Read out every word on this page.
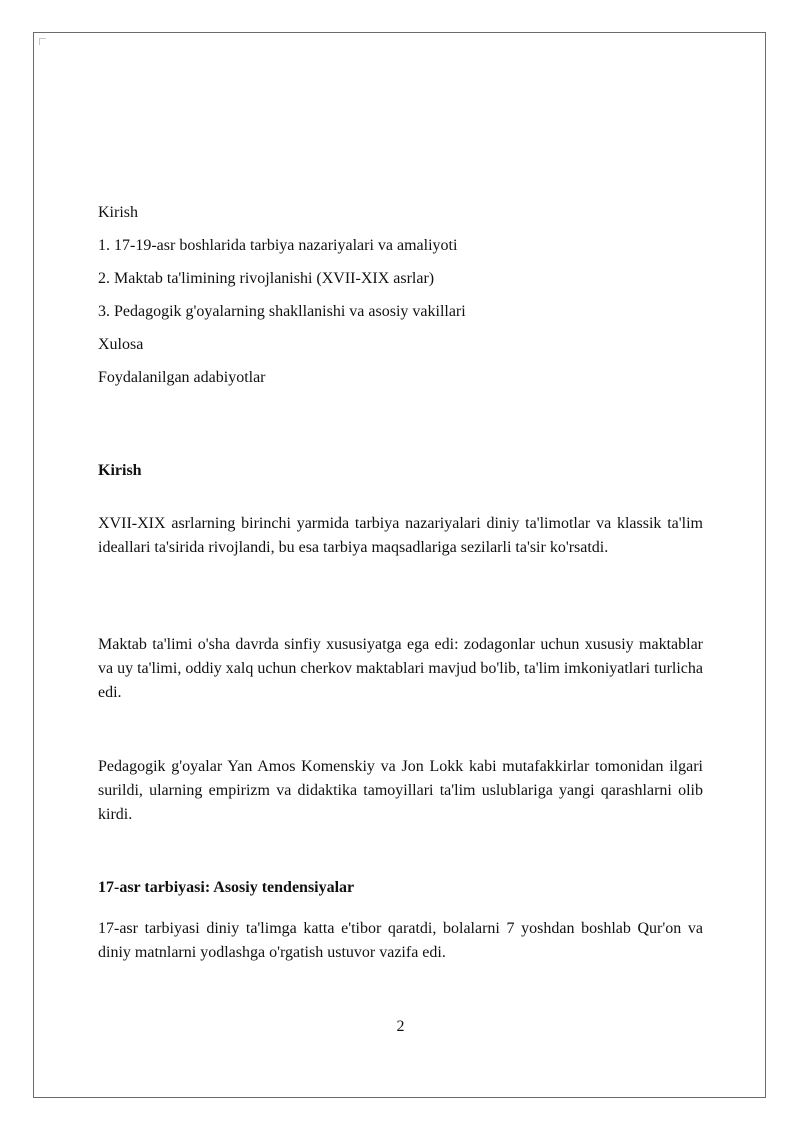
Kirish
1. 17-19-asr boshlarida tarbiya nazariyalari va amaliyoti
2. Maktab ta'limining rivojlanishi (XVII-XIX asrlar)
3. Pedagogik g'oyalarning shakllanishi va asosiy vakillari
Xulosa
Foydalanilgan adabiyotlar
Kirish
XVII-XIX asrlarning birinchi yarmida tarbiya nazariyalari diniy ta'limotlar va klassik ta'lim ideallari ta'sirida rivojlandi, bu esa tarbiya maqsadlariga sezilarli ta'sir ko'rsatdi.
Maktab ta'limi o'sha davrda sinfiy xususiyatga ega edi: zodagonlar uchun xususiy maktablar va uy ta'limi, oddiy xalq uchun cherkov maktablari mavjud bo'lib, ta'lim imkoniyatlari turlicha edi.
Pedagogik g'oyalar Yan Amos Komenskiy va Jon Lokk kabi mutafakkirlar tomonidan ilgari surildi, ularning empirizm va didaktika tamoyillari ta'lim uslublariga yangi qarashlarni olib kirdi.
17-asr tarbiyasi: Asosiy tendensiyalar
17-asr tarbiyasi diniy ta'limga katta e'tibor qaratdi, bolalarni 7 yoshdan boshlab Qur'on va diniy matnlarni yodlashga o'rgatish ustuvor vazifa edi.
2
